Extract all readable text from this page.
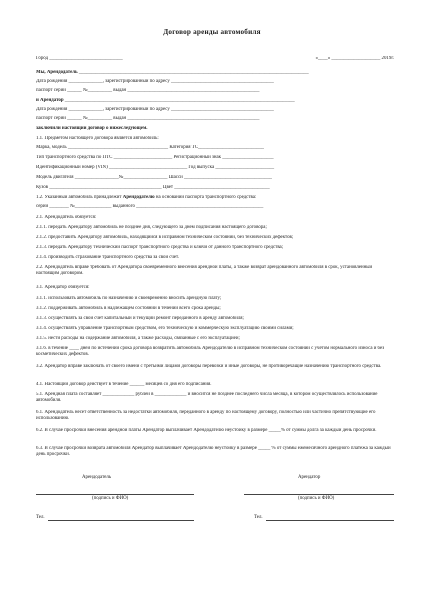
Договор аренды автомобиля
Город ______________________________	«____» ____________________ 2019г.
Мы, Арендодатель ______________________________________________________________________________________________
Дата рождения ______________, зарегистрированный по адресу __________________________________________
паспорт серии ______ №__________ выдан ______________________________________________________
и Арендатор ______________________________________________________________________________________________
Дата рождения ______________, зарегистрированный по адресу __________________________________________
паспорт серии ______ №__________ выдан ______________________________________________________
заключили настоящий договор о нижеследующем.
1.1. Предметом настоящего договора является автомобиль:
Марка, модель _________________________________________ Категория ТС___________________________
Тип транспортного средства по ПТС ________________________ Регистрационный знак _____________________
Идентификационный номер (VIN) ________________________________ Год выпуска ________________________
Модель двигателя __________________№__________________ Шасси ____________________________________
Кузов ______________________________________________ Цвет _______________________________________
1.2. Указанный автомобиль принадлежит Арендодателю на основании паспорта транспортного средства:
серии ________ №_______________ выданного ____________________________________________________
2.1. Арендодатель обязуется:
2.1.1. передать Арендатору автомобиль не позднее дня, следующего за днём подписания настоящего договора;
2.1.2. предоставить Арендатору автомобиль, находящийся в исправном техническом состоянии, без технических дефектов;
2.1.3. передать Арендатору технический паспорт транспортного средства и ключи от данного транспортного средства;
2.1.4. производить страхование транспортного средства за свой счёт.
2.2. Арендодатель вправе требовать от Арендатора своевременного внесения арендной платы, а также возврат арендованного автомобиля в срок, установленный настоящим договором.
3.1. Арендатор обязуется:
3.1.1. использовать автомобиль по назначению и своевременно вносить арендную плату;
3.1.2. поддерживать автомобиль в надлежащем состоянии в течении всего срока аренды;
3.1.3. осуществлять за свой счёт капитальный и текущий ремонт переданного в аренду автомобиля;
3.1.4. осуществлять управление транспортным средством, его техническую и коммерческую эксплуатацию своими силами;
3.1.5. нести расходы на содержание автомобиля, а также расходы, связанные с его эксплуатацией;
3.1.6. в течение ____ дней по истечении срока договора возвратить автомобиль Арендодателю в исправном техническом состоянии с учетом нормального износа и без косметических дефектов.
3.2. Арендатор вправе заключать от своего имени с третьими лицами договоры перевозки и иные договоры, не противоречащие назначению транспортного средства.
4.1. Настоящий договор действует в течение ______ месяцев со дня его подписания.
5.1. Арендная плата составляет _____________ рублей в _____________ и вносится не позднее последнего числа месяца, в котором осуществлялось использование автомобиля.
6.1. Арендодатель несёт ответственность за недостатки автомобиля, переданного в аренду по настоящему договору, полностью или частично препятствующие его использованию.
6.2. В случае просрочки внесения арендной платы Арендатор выплачивает Арендодателю неустойку в размере _____% от суммы долга за каждый день просрочки.
6.3. В случае просрочки возврата автомобиля Арендатор выплачивает Арендодателю неустойку в размере _____ % от суммы ежемесячного арендного платежа за каждый день просрочки.
Арендодатель	Арендатор
(подпись и ФИО)	(подпись и ФИО)
Тел.	Тел.
